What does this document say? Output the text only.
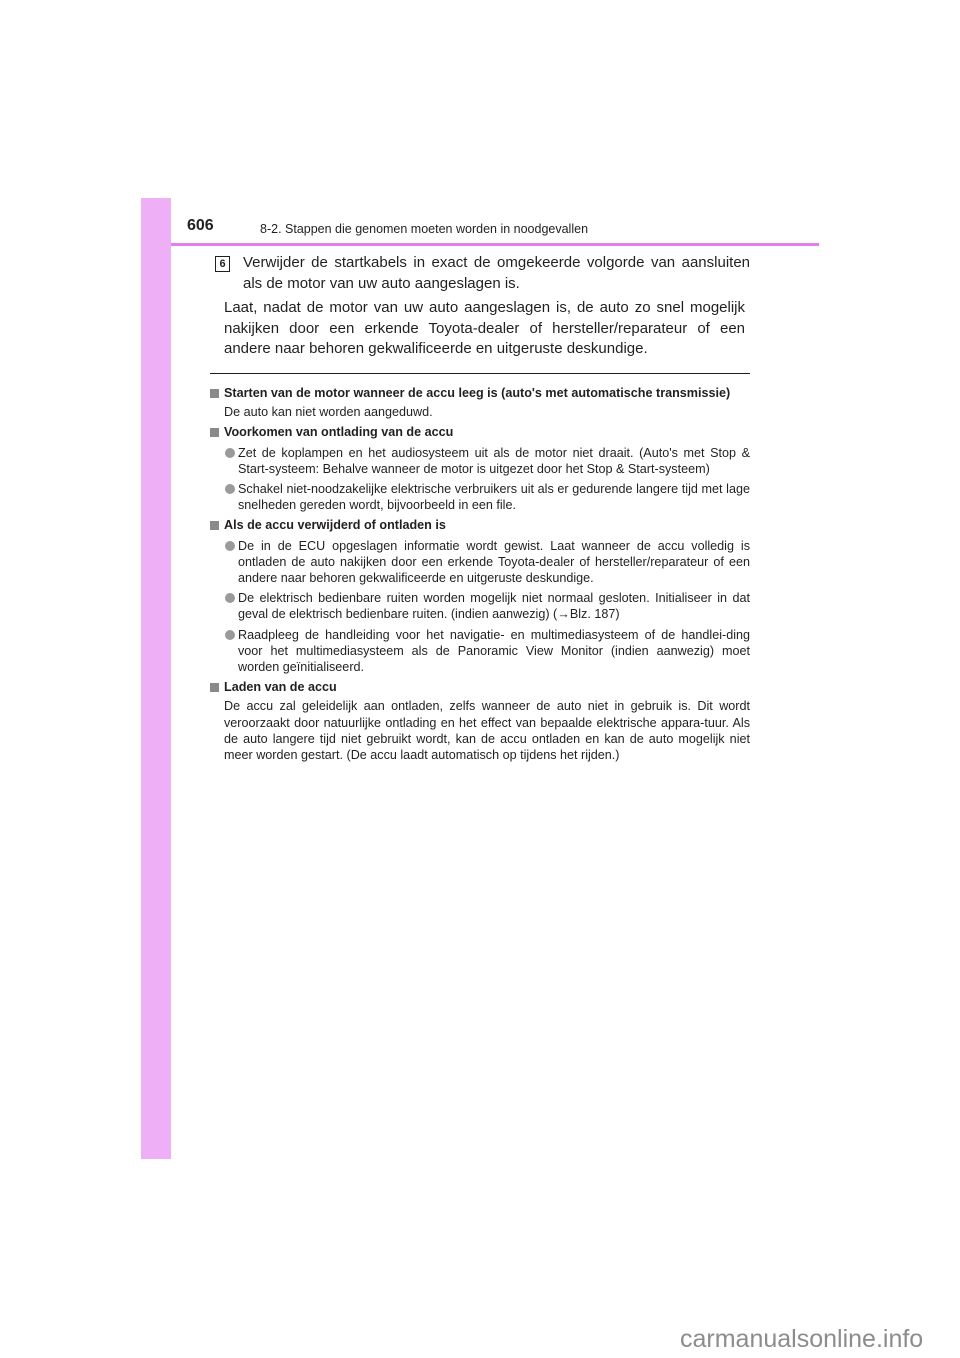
606	8-2. Stappen die genomen moeten worden in noodgevallen
6 Verwijder de startkabels in exact de omgekeerde volgorde van aansluiten als de motor van uw auto aangeslagen is.
Laat, nadat de motor van uw auto aangeslagen is, de auto zo snel mogelijk nakijken door een erkende Toyota-dealer of hersteller/reparateur of een andere naar behoren gekwalificeerde en uitgeruste deskundige.
Starten van de motor wanneer de accu leeg is (auto's met automatische transmissie)
De auto kan niet worden aangeduwd.
Voorkomen van ontlading van de accu
Zet de koplampen en het audiosysteem uit als de motor niet draait. (Auto's met Stop & Start-systeem: Behalve wanneer de motor is uitgezet door het Stop & Start-systeem)
Schakel niet-noodzakelijke elektrische verbruikers uit als er gedurende langere tijd met lage snelheden gereden wordt, bijvoorbeeld in een file.
Als de accu verwijderd of ontladen is
De in de ECU opgeslagen informatie wordt gewist. Laat wanneer de accu volledig is ontladen de auto nakijken door een erkende Toyota-dealer of hersteller/reparateur of een andere naar behoren gekwalificeerde en uitgeruste deskundige.
De elektrisch bedienbare ruiten worden mogelijk niet normaal gesloten. Initialiseer in dat geval de elektrisch bedienbare ruiten. (indien aanwezig) (→Blz. 187)
Raadpleeg de handleiding voor het navigatie- en multimediasysteem of de handlei-ding voor het multimediasysteem als de Panoramic View Monitor (indien aanwezig) moet worden geïnitialiseerd.
Laden van de accu
De accu zal geleidelijk aan ontladen, zelfs wanneer de auto niet in gebruik is. Dit wordt veroorzaakt door natuurlijke ontlading en het effect van bepaalde elektrische appara-tuur. Als de auto langere tijd niet gebruikt wordt, kan de accu ontladen en kan de auto mogelijk niet meer worden gestart. (De accu laadt automatisch op tijdens het rijden.)
carmanualsonline.info
